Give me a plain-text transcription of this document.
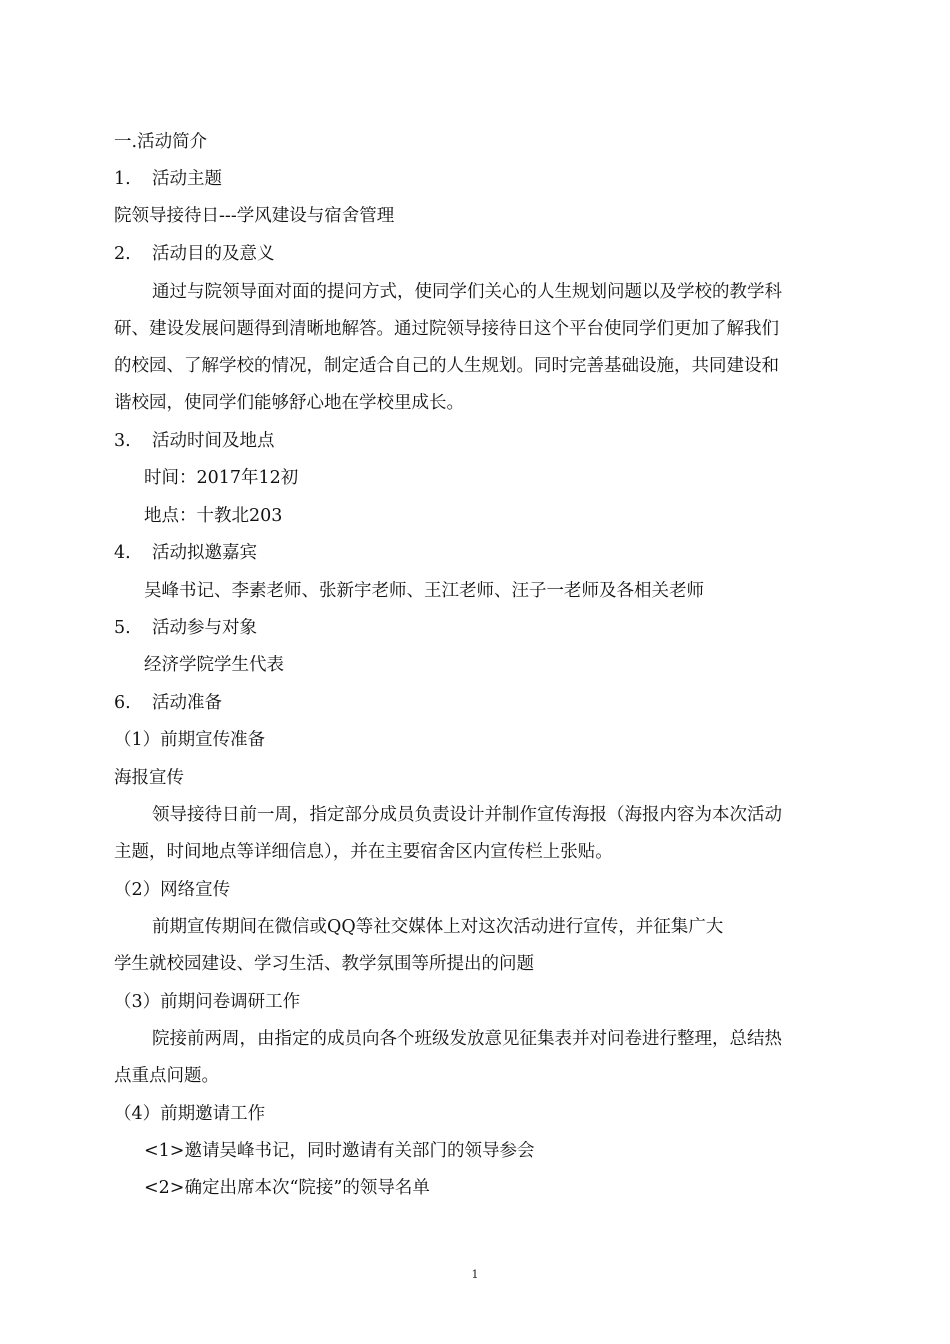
一.活动简介
1. 活动主题
院领导接待日---学风建设与宿舍管理
2. 活动目的及意义
通过与院领导面对面的提问方式，使同学们关心的人生规划问题以及学校的教学科
研、建设发展问题得到清晰地解答。通过院领导接待日这个平台使同学们更加了解我们
的校园、了解学校的情况，制定适合自己的人生规划。同时完善基础设施，共同建设和
谐校园，使同学们能够舒心地在学校里成长。
3. 活动时间及地点
时间：2017年12初
地点：十教北203
4. 活动拟邀嘉宾
吴峰书记、李素老师、张新宇老师、王江老师、汪子一老师及各相关老师
5. 活动参与对象
经济学院学生代表
6. 活动准备
（1）前期宣传准备
海报宣传
领导接待日前一周，指定部分成员负责设计并制作宣传海报（海报内容为本次活动
主题，时间地点等详细信息），并在主要宿舍区内宣传栏上张贴。
（2）网络宣传
前期宣传期间在微信或QQ等社交媒体上对这次活动进行宣传，并征集广大
学生就校园建设、学习生活、教学氛围等所提出的问题
（3）前期问卷调研工作
院接前两周，由指定的成员向各个班级发放意见征集表并对问卷进行整理，总结热
点重点问题。
（4）前期邀请工作
<1>邀请吴峰书记，同时邀请有关部门的领导参会
<2>确定出席本次“院接”的领导名单
1
